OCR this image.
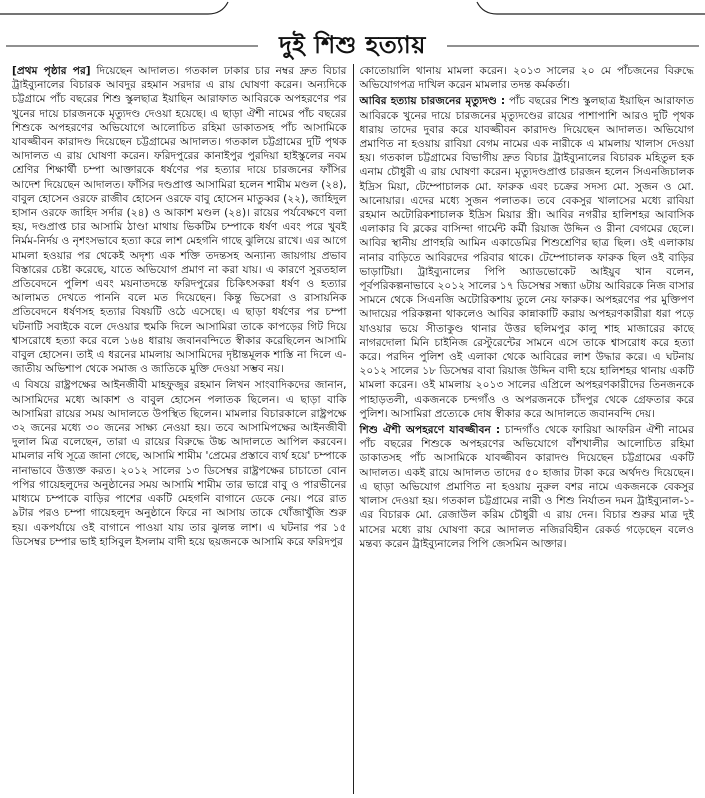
দুই শিশু হত্যায়

[প্রথম পৃষ্ঠার পর] দিয়েছেন আদালত। গতকাল ঢাকার চার নম্বর দ্রুত বিচার ট্রাইব্যুনালের বিচারক আবদুর রহমান সরদার এ রায় ঘোষণা করেন। অন্যদিকে চট্টগ্রামে পাঁচ বছরের শিশু স্কুলছাত্র ইয়াছিন আরাফাত আবিরকে অপহরণের পর খুনের দায়ে চারজনকে মৃত্যুদণ্ড দেওয়া হয়েছে। এ ছাড়া ঐশী নামের পাঁচ বছরের শিশুকে অপহরণের অভিযোগে আলোচিত রহিমা ডাকাতসহ পাঁচ আসামিকে যাবজ্জীবন কারাদণ্ড দিয়েছেন চট্টগ্রামের আদালত। গতকাল চট্টগ্রামের দুটি পৃথক আদালত এ রায় ঘোষণা করেন। ফরিদপুরের কানাইপুর পুরদিয়া হাইস্কুলের নবম শ্রেণির শিক্ষার্থী চম্পা আক্তারকে ধর্ষণের পর হত্যার দায়ে চারজনের ফাঁসির আদেশ দিয়েছেন আদালত। ফাঁসির দণ্ডপ্রাপ্ত আসামিরা হলেন শামীম মণ্ডল (২৪), বাবুল হোসেন ওরফে রাজীব হোসেন ওরফে বাবু হোসেন মাতুব্বর (২২), জাহিদুল হাসান ওরফে জাহিদ সর্দার (২৪) ও আকাশ মণ্ডল (২৪)। রায়ের পর্যবেক্ষণে বলা হয়, দণ্ডপ্রাপ্ত চার আসামি ঠাণ্ডা মাথায় ভিকটিম চম্পাকে ধর্ষণ এবং পরে খুবই নির্মম-নির্দয় ও নৃশংসভাবে হত্যা করে লাশ মেহগনি গাছে ঝুলিয়ে রাখে। এর আগে মামলা হওয়ার পর থেকেই অদৃশ্য এক শক্তি তদন্তসহ অন্যান্য জায়গায় প্রভাব বিস্তারের চেষ্টা করেছে, যাতে অভিযোগ প্রমাণ না করা যায়। এ কারণে সুরতহাল প্রতিবেদনে পুলিশ এবং ময়নাতদন্তে ফরিদপুরের চিকিৎসকরা ধর্ষণ ও হত্যার আলামত দেখতে পাননি বলে মত দিয়েছেন। কিন্তু ভিসেরা ও রাসায়নিক প্রতিবেদনে ধর্ষণসহ হত্যার বিষয়টি ওঠে এসেছে। এ ছাড়া ধর্ষণের পর চম্পা ঘটনাটি সবাইকে বলে দেওয়ার হুমকি দিলে আসামিরা তাকে কাপড়ের গিট দিয়ে শ্বাসরোধে হত্যা করে বলে ১৬৪ ধারায় জবানবন্দিতে স্বীকার করেছিলেন আসামি বাবুল হোসেন। তাই এ ধরনের মামলায় আসামিদের দৃষ্টান্তমূলক শাস্তি না দিলে এ-জাতীয় অভিশাপ থেকে সমাজ ও জাতিকে মুক্তি দেওয়া সম্ভব নয়।

এ বিষয়ে রাষ্ট্রপক্ষের আইনজীবী মাহফুজুর রহমান লিখন সাংবাদিকদের জানান, আসামিদের মধ্যে আকাশ ও বাবুল হোসেন পলাতক ছিলেন। এ ছাড়া বাকি আসামিরা রায়ের সময় আদালতে উপস্থিত ছিলেন। মামলার বিচারকালে রাষ্ট্রপক্ষে ৩২ জনের মধ্যে ৩০ জনের সাক্ষ্য নেওয়া হয়। তবে আসামিপক্ষের আইনজীবী দুলাল মিত্র বলেছেন, তারা এ রায়ের বিরুদ্ধে উচ্চ আদালতে আপিল করবেন। মামলার নথি সূত্রে জানা গেছে, আসামি শামীম 'প্রেমের প্রস্তাবে ব্যর্থ হয়ে' চম্পাকে নানাভাবে উত্ত্যক্ত করত। ২০১২ সালের ১৩ ডিসেম্বর রাষ্ট্রপক্ষের চাচাতো বোন পপির গায়েহলুদের অনুষ্ঠানের সময় আসামি শামীম তার ভাগ্নে বাবু ও পারভীনের মাধ্যমে চম্পাকে বাড়ির পাশের একটি মেহগনি বাগানে ডেকে নেয়। পরে রাত ৯টার পরও চম্পা গায়েহলুদ অনুষ্ঠানে ফিরে না আসায় তাকে খোঁজাখুঁজি শুরু হয়। একপর্যায়ে ওই বাগানে পাওয়া যায় তার ঝুলন্ত লাশ। এ ঘটনার পর ১৫ ডিসেম্বর চম্পার ভাই হাসিবুল ইসলাম বাদী হয়ে ছয়জনকে আসামি করে ফরিদপুর

কোতোয়ালি থানায় মামলা করেন। ২০১৩ সালের ২০ মে পাঁচজনের বিরুদ্ধে অভিযোগপত্র দাখিল করেন মামলার তদন্ত কর্মকর্তা।

আবির হত্যায় চারজনের মৃত্যুদণ্ড : পাঁচ বছরের শিশু স্কুলছাত্র ইয়াছিন আরাফাত আবিরকে খুনের দায়ে চারজনের মৃত্যুদণ্ডের রায়ের পাশাপাশি আরও দুটি পৃথক ধারায় তাদের দুবার করে যাবজ্জীবন কারাদণ্ড দিয়েছেন আদালত। অভিযোগ প্রমাণিত না হওয়ায় রাবিয়া বেগম নামের এক নারীকে এ মামলায় খালাস দেওয়া হয়। গতকাল চট্টগ্রামের বিভাগীয় দ্রুত বিচার ট্রাইব্যুনালের বিচারক মহিতুল হক এনাম চৌধুরী এ রায় ঘোষণা করেন। মৃত্যুদণ্ডপ্রাপ্ত চারজন হলেন সিএনজিচালক ইদ্রিস মিয়া, টেম্পোচালক মো. ফারুক এবং চক্রের সদস্য মো. সুজন ও মো. আনোয়ার। এদের মধ্যে সুজন পলাতক। তবে বেকসুর খালাসের মধ্যে রাবিয়া রহমান অটোরিকশাচালক ইদ্রিস মিয়ার স্ত্রী। আবির নগরীর হালিশহর আবাসিক এলাকার বি ব্লকের বাসিন্দা গার্মেন্ট কর্মী রিয়াজ উদ্দিন ও রীনা বেগমের ছেলে। আবির স্থানীয় প্রাণহরি আমিন একাডেমির শিশুশ্রেণির ছাত্র ছিল। ওই এলাকায় নানার বাড়িতে আবিরদের পরিবার থাকে। টেম্পোচালক ফারুক ছিল ওই বাড়ির ভাড়াটিয়া। ট্রাইব্যুনালের পিপি অ্যাডভোকেট আইয়ুব খান বলেন, পূর্বপরিকল্পনাভাবে ২০১২ সালের ১৭ ডিসেম্বর সন্ধ্যা ৬টায় আবিরকে নিজ বাসার সামনে থেকে সিএনজি অটোরিকশায় তুলে নেয় ফারুক। অপহরণের পর মুক্তিপণ আদায়ের পরিকল্পনা থাকলেও আবির কান্নাকাটি করায় অপহরণকারীরা ধরা পড়ে যাওয়ার ভয়ে সীতাকুণ্ড থানার উত্তর ছলিমপুর কালু শাহ মাজারের কাছে নাগরদোলা মিনি চাইনিজ রেস্টুরেন্টের সামনে এসে তাকে শ্বাসরোধ করে হত্যা করে। পরদিন পুলিশ ওই এলাকা থেকে আবিরের লাশ উদ্ধার করে। এ ঘটনায় ২০১২ সালের ১৮ ডিসেম্বর বাবা রিয়াজ উদ্দিন বাদী হয়ে হালিশহর থানায় একটি মামলা করেন। ওই মামলায় ২০১৩ সালের এপ্রিলে অপহরণকারীদের তিনজনকে পাহাড়তলী, একজনকে চন্দগাঁও ও অপরজনকে চাঁদপুর থেকে গ্রেফতার করে পুলিশ। আসামিরা প্রত্যেকে দোষ স্বীকার করে আদালতে জবানবন্দি দেয়।

শিশু ঐশী অপহরণে যাবজ্জীবন : চান্দগাঁও থেকে ফারিয়া আফরিন ঐশী নামের পাঁচ বছরের শিশুকে অপহরণের অভিযোগে বাঁশখালীর আলোচিত রহিমা ডাকাতসহ পাঁচ আসামিকে যাবজ্জীবন কারাদণ্ড দিয়েছেন চট্টগ্রামের একটি আদালত। একই রায়ে আদালত তাদের ৫০ হাজার টাকা করে অর্থদণ্ড দিয়েছেন। এ ছাড়া অভিযোগ প্রমাণিত না হওয়ায় নুরুল বশর নামে একজনকে বেকসুর খালাস দেওয়া হয়। গতকাল চট্টগ্রামের নারী ও শিশু নির্যাতন দমন ট্রাইব্যুনাল-১-এর বিচারক মো. রেজাউল করিম চৌধুরী এ রায় দেন। বিচার শুরুর মাত্র দুই মাসের মধ্যে রায় ঘোষণা করে আদালত নজিরবিহীন রেকর্ড গড়েছেন বলেও মন্তব্য করেন ট্রাইব্যুনালের পিপি জেসমিন আক্তার।
